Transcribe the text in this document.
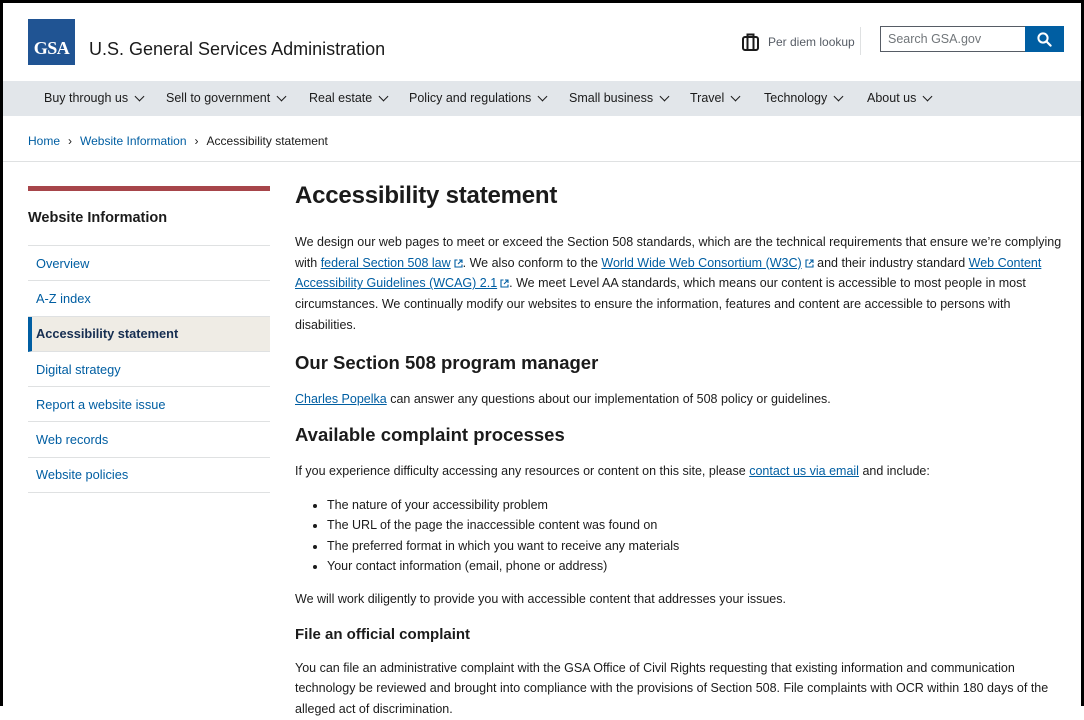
GSA	U.S. General Services Administration	Per diem lookup
Search GSA.gov
Buy through us	Sell to government	Real estate	Policy and regulations	Small business	Travel	Technology	About us
Home › Website Information › Accessibility statement
Website Information
Overview
A-Z index
Accessibility statement
Digital strategy
Report a website issue
Web records
Website policies
Accessibility statement

We design our web pages to meet or exceed the Section 508 standards, which are the technical requirements that ensure we’re complying with federal Section 508 law . We also conform to the World Wide Web Consortium (W3C) and their industry standard Web Content Accessibility Guidelines (WCAG) 2.1 . We meet Level AA standards, which means our content is accessible to most people in most circumstances. We continually modify our websites to ensure the information, features and content are accessible to persons with disabilities.

Our Section 508 program manager

Charles Popelka can answer any questions about our implementation of 508 policy or guidelines.

Available complaint processes

If you experience difficulty accessing any resources or content on this site, please contact us via email and include:

• The nature of your accessibility problem
• The URL of the page the inaccessible content was found on
• The preferred format in which you want to receive any materials
• Your contact information (email, phone or address)

We will work diligently to provide you with accessible content that addresses your issues.

File an official complaint

You can file an administrative complaint with the GSA Office of Civil Rights requesting that existing information and communication technology be reviewed and brought into compliance with the provisions of Section 508. File complaints with OCR within 180 days of the alleged act of discrimination.
